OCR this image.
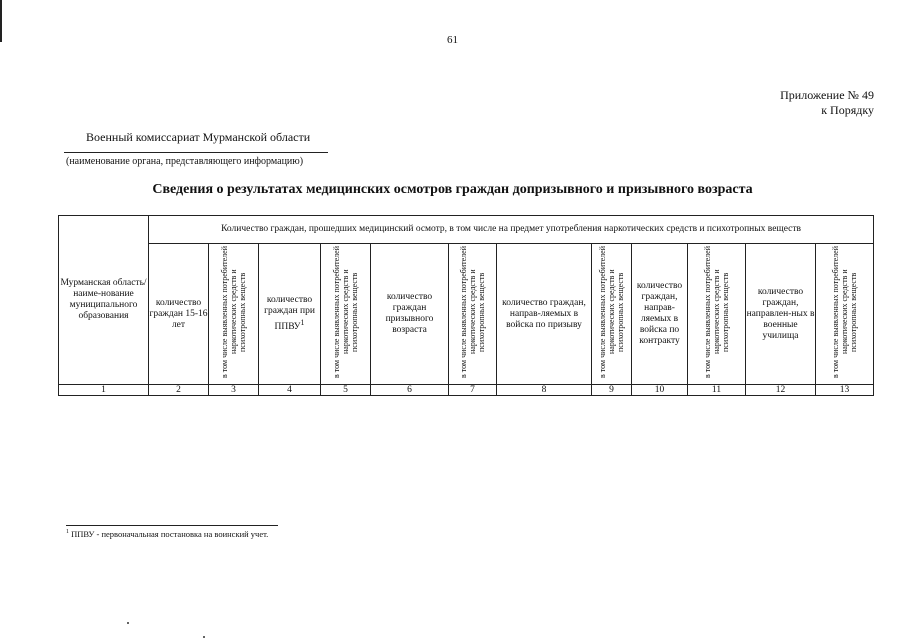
61
Приложение № 49
к Порядку
Военный комиссариат Мурманской области
(наименование органа, представляющего информацию)
Сведения о результатах медицинских осмотров граждан допризывного и призывного возраста
Мурманская область/наиме-нование муниципального образования	Количество граждан, прошедших медицинский осмотр, в том числе на предмет употребления наркотических средств и психотропных веществ											
	количество граждан 15-16 лет	в том числе выявленных потребителей наркотических средств и психотропных веществ	количество граждан при ППВУ$^1$	в том числе выявленных потребителей наркотических средств и психотропных веществ	количество граждан призывного возраста	в том числе выявленных потребителей наркотических средств и психотропных веществ	количество граждан, направ-ляемых в войска по призыву	в том числе выявленных потребителей наркотических средств и психотропных веществ	количество граждан, направ-ляемых в войска по контракту	в том числе выявленных потребителей наркотических средств и психотропных веществ	количество граждан, направлен-ных в военные училища	в том числе выявленных потребителей наркотических средств и психотропных веществ
1	2	3	4	5	6	7	8	9	10	11	12	13
$^1$ ППВУ - первоначальная постановка на воинский учет.
